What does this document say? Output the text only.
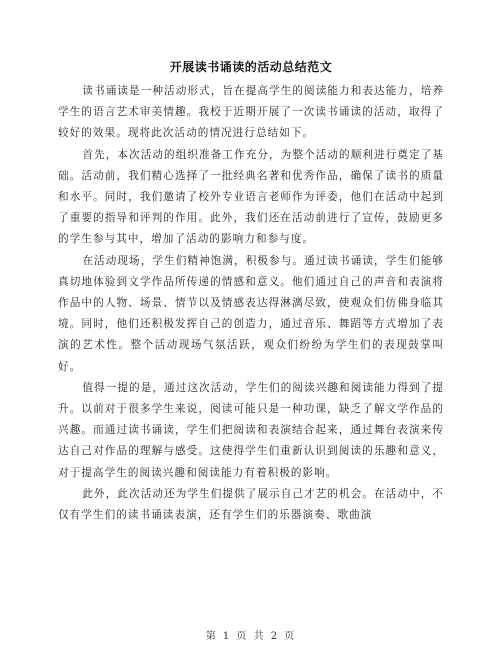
开展读书诵读的活动总结范文

读书诵读是一种活动形式，旨在提高学生的阅读能力和表达能力，培养学生的语言艺术审美情趣。我校于近期开展了一次读书诵读的活动，取得了较好的效果。现将此次活动的情况进行总结如下。

首先，本次活动的组织准备工作充分，为整个活动的顺利进行奠定了基础。活动前，我们精心选择了一批经典名著和优秀作品，确保了读书的质量和水平。同时，我们邀请了校外专业语言老师作为评委，他们在活动中起到了重要的指导和评判的作用。此外，我们还在活动前进行了宣传，鼓励更多的学生参与其中，增加了活动的影响力和参与度。

在活动现场，学生们精神饱满，积极参与。通过读书诵读，学生们能够真切地体验到文学作品所传递的情感和意义。他们通过自己的声音和表演将作品中的人物、场景、情节以及情感表达得淋漓尽致，使观众们仿佛身临其境。同时，他们还积极发挥自己的创造力，通过音乐、舞蹈等方式增加了表演的艺术性。整个活动现场气氛活跃，观众们纷纷为学生们的表现鼓掌叫好。

值得一提的是，通过这次活动，学生们的阅读兴趣和阅读能力得到了提升。以前对于很多学生来说，阅读可能只是一种功课，缺乏了解文学作品的兴趣。而通过读书诵读，学生们把阅读和表演结合起来，通过舞台表演来传达自己对作品的理解与感受。这使得学生们重新认识到阅读的乐趣和意义，对于提高学生的阅读兴趣和阅读能力有着积极的影响。

此外，此次活动还为学生们提供了展示自己才艺的机会。在活动中，不仅有学生们的读书诵读表演，还有学生们的乐器演奏、歌曲演

第 1 页 共 2 页
